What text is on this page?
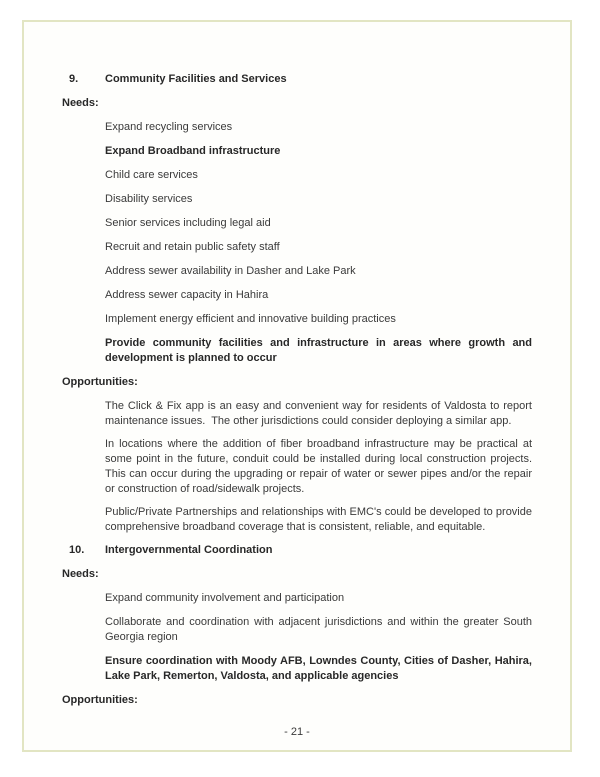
9.	Community Facilities and Services
Needs:
Expand recycling services
Expand Broadband infrastructure
Child care services
Disability services
Senior services including legal aid
Recruit and retain public safety staff
Address sewer availability in Dasher and Lake Park
Address sewer capacity in Hahira
Implement energy efficient and innovative building practices
Provide community facilities and infrastructure in areas where growth and development is planned to occur
Opportunities:
The Click & Fix app is an easy and convenient way for residents of Valdosta to report maintenance issues.  The other jurisdictions could consider deploying a similar app.
In locations where the addition of fiber broadband infrastructure may be practical at some point in the future, conduit could be installed during local construction projects.  This can occur during the upgrading or repair of water or sewer pipes and/or the repair or construction of road/sidewalk projects.
Public/Private Partnerships and relationships with EMC's could be developed to provide comprehensive broadband coverage that is consistent, reliable, and equitable.
10.	Intergovernmental Coordination
Needs:
Expand community involvement and participation
Collaborate and coordination with adjacent jurisdictions and within the greater South Georgia region
Ensure coordination with Moody AFB, Lowndes County, Cities of Dasher, Hahira, Lake Park, Remerton, Valdosta, and applicable agencies
Opportunities:
- 21 -
